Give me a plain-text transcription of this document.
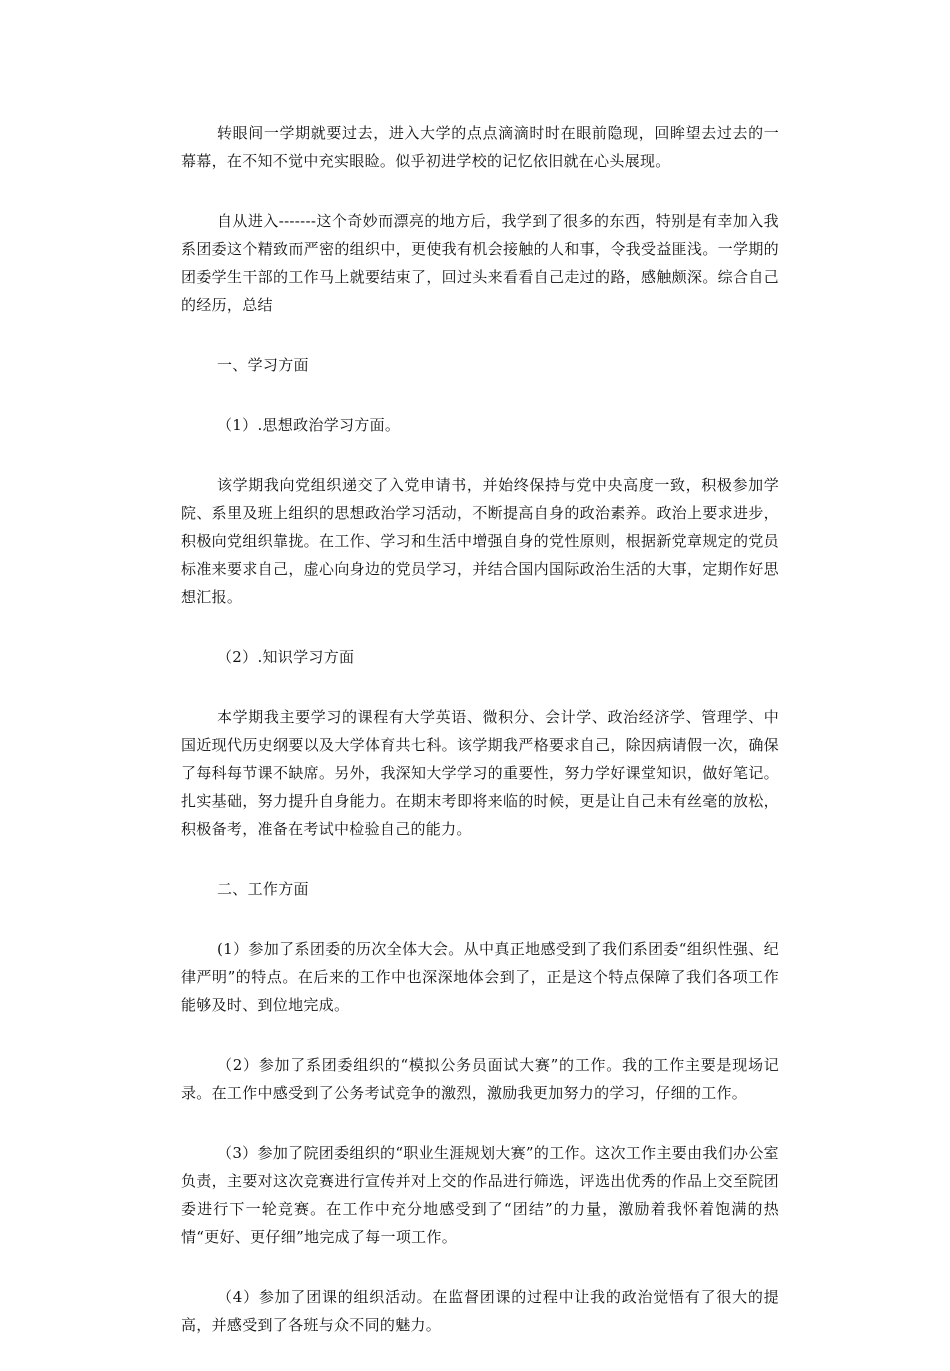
转眼间一学期就要过去，进入大学的点点滴滴时时在眼前隐现，回眸望去过去的一幕幕，在不知不觉中充实眼睑。似乎初进学校的记忆依旧就在心头展现。

自从进入-------这个奇妙而漂亮的地方后，我学到了很多的东西，特别是有幸加入我系团委这个精致而严密的组织中，更使我有机会接触的人和事，令我受益匪浅。一学期的团委学生干部的工作马上就要结束了，回过头来看看自己走过的路，感触颇深。综合自己的经历，总结

一、学习方面

（1）.思想政治学习方面。

该学期我向党组织递交了入党申请书，并始终保持与党中央高度一致，积极参加学院、系里及班上组织的思想政治学习活动，不断提高自身的政治素养。政治上要求进步，积极向党组织靠拢。在工作、学习和生活中增强自身的党性原则，根据新党章规定的党员标准来要求自己，虚心向身边的党员学习，并结合国内国际政治生活的大事，定期作好思想汇报。

（2）.知识学习方面

本学期我主要学习的课程有大学英语、微积分、会计学、政治经济学、管理学、中国近现代历史纲要以及大学体育共七科。该学期我严格要求自己，除因病请假一次，确保了每科每节课不缺席。另外，我深知大学学习的重要性，努力学好课堂知识，做好笔记。扎实基础，努力提升自身能力。在期末考即将来临的时候，更是让自己未有丝毫的放松，积极备考，准备在考试中检验自己的能力。

二、工作方面

(1）参加了系团委的历次全体大会。从中真正地感受到了我们系团委“组织性强、纪律严明”的特点。在后来的工作中也深深地体会到了，正是这个特点保障了我们各项工作能够及时、到位地完成。

（2）参加了系团委组织的“模拟公务员面试大赛”的工作。我的工作主要是现场记录。在工作中感受到了公务考试竞争的激烈，激励我更加努力的学习，仔细的工作。

（3）参加了院团委组织的“职业生涯规划大赛”的工作。这次工作主要由我们办公室负责，主要对这次竞赛进行宣传并对上交的作品进行筛选，评选出优秀的作品上交至院团委进行下一轮竞赛。在工作中充分地感受到了“团结”的力量，激励着我怀着饱满的热情“更好、更仔细”地完成了每一项工作。

（4）参加了团课的组织活动。在监督团课的过程中让我的政治觉悟有了很大的提高，并感受到了各班与众不同的魅力。
